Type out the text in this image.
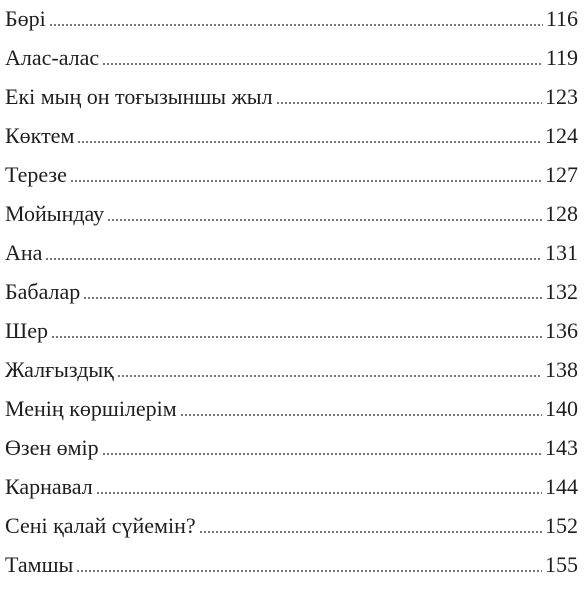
Бөрі	116
Алас-алас	119
Екі мың он тоғызыншы жыл	123
Көктем	124
Терезе	127
Мойындау	128
Ана	131
Бабалар	132
Шер	136
Жалғыздық	138
Менің көршілерім	140
Өзен өмір	143
Карнавал	144
Сені қалай сүйемін?	152
Тамшы	155
